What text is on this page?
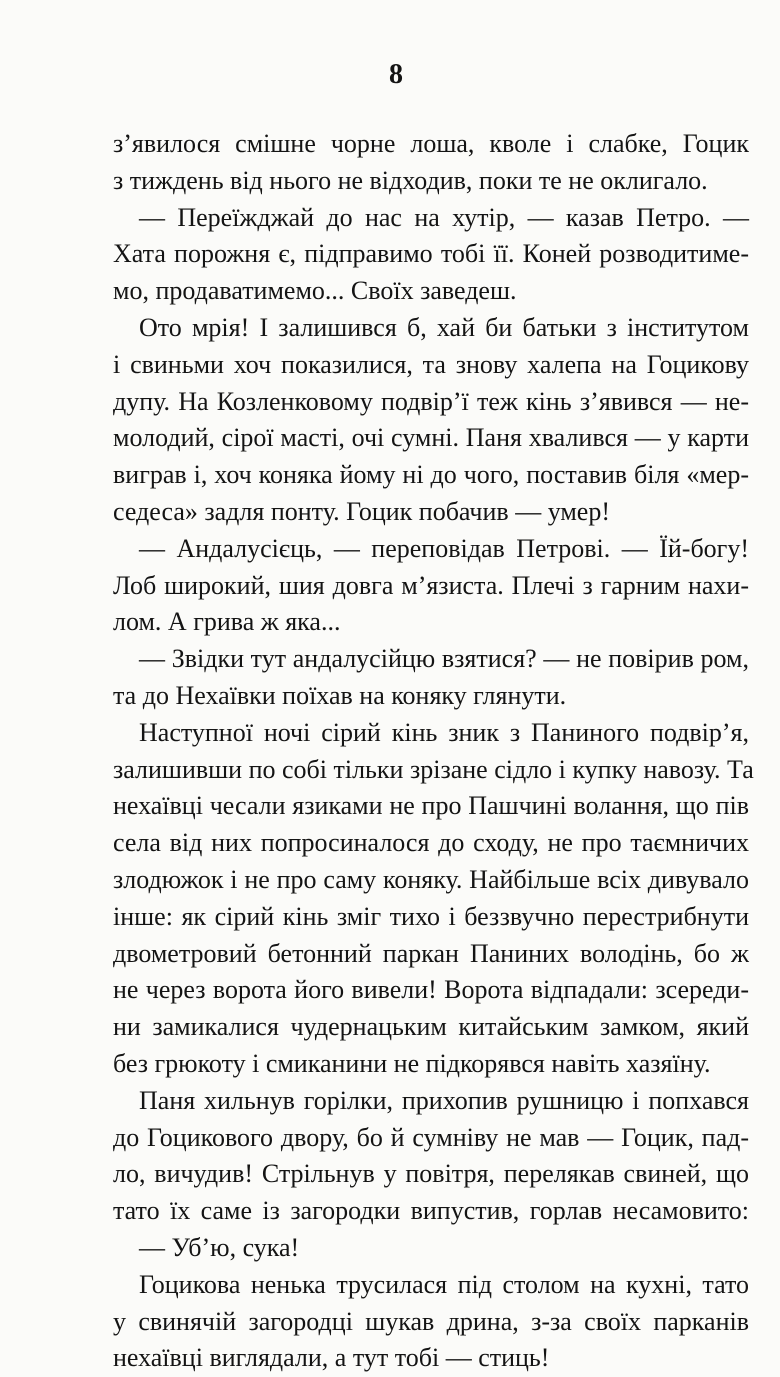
8
з’явилося смішне чорне лоша, кволе і слабке, Гоцик
з тиждень від нього не відходив, поки те не оклигало.
— Переїжджай до нас на хутір, — казав Петро. —
Хата порожня є, підправимо тобі її. Коней розводитиме-
мо, продаватимемо... Своїх заведеш.
Ото мрія! І залишився б, хай би батьки з інститутом
і свиньми хоч показилися, та знову халепа на Гоцикову
дупу. На Козленковому подвір’ї теж кінь з’явився — не-
молодий, сірої масті, очі сумні. Паня хвалився — у карти
виграв і, хоч коняка йому ні до чого, поставив біля «мер-
седеса» задля понту. Гоцик побачив — умер!
— Андалусієць, — переповідав Петрові. — Їй-богу!
Лоб широкий, шия довга м’язиста. Плечі з гарним нахи-
лом. А грива ж яка...
— Звідки тут андалусійцю взятися? — не повірив ром,
та до Нехаївки поїхав на коняку глянути.
Наступної ночі сірий кінь зник з Паниного подвір’я,
залишивши по собі тільки зрізане сідло і купку навозу. Та
нехаївці чесали язиками не про Пашчині волання, що пів
села від них попросиналося до сходу, не про таємничих
злодюжок і не про саму коняку. Найбільше всіх дивувало
інше: як сірий кінь зміг тихо і беззвучно перестрибнути
двометровий бетонний паркан Паниних володінь, бо ж
не через ворота його вивели! Ворота відпадали: зсереди-
ни замикалися чудернацьким китайським замком, який
без грюкоту і смиканини не підкорявся навіть хазяїну.
Паня хильнув горілки, прихопив рушницю і попхався
до Гоцикового двору, бо й сумніву не мав — Гоцик, пад-
ло, вичудив! Стрільнув у повітря, перелякав свиней, що
тато їх саме із загородки випустив, горлав несамовито:
— Уб’ю, сука!
Гоцикова ненька трусилася під столом на кухні, тато
у свинячій загородці шукав дрина, з-за своїх парканів
нехаївці виглядали, а тут тобі — стиць!
